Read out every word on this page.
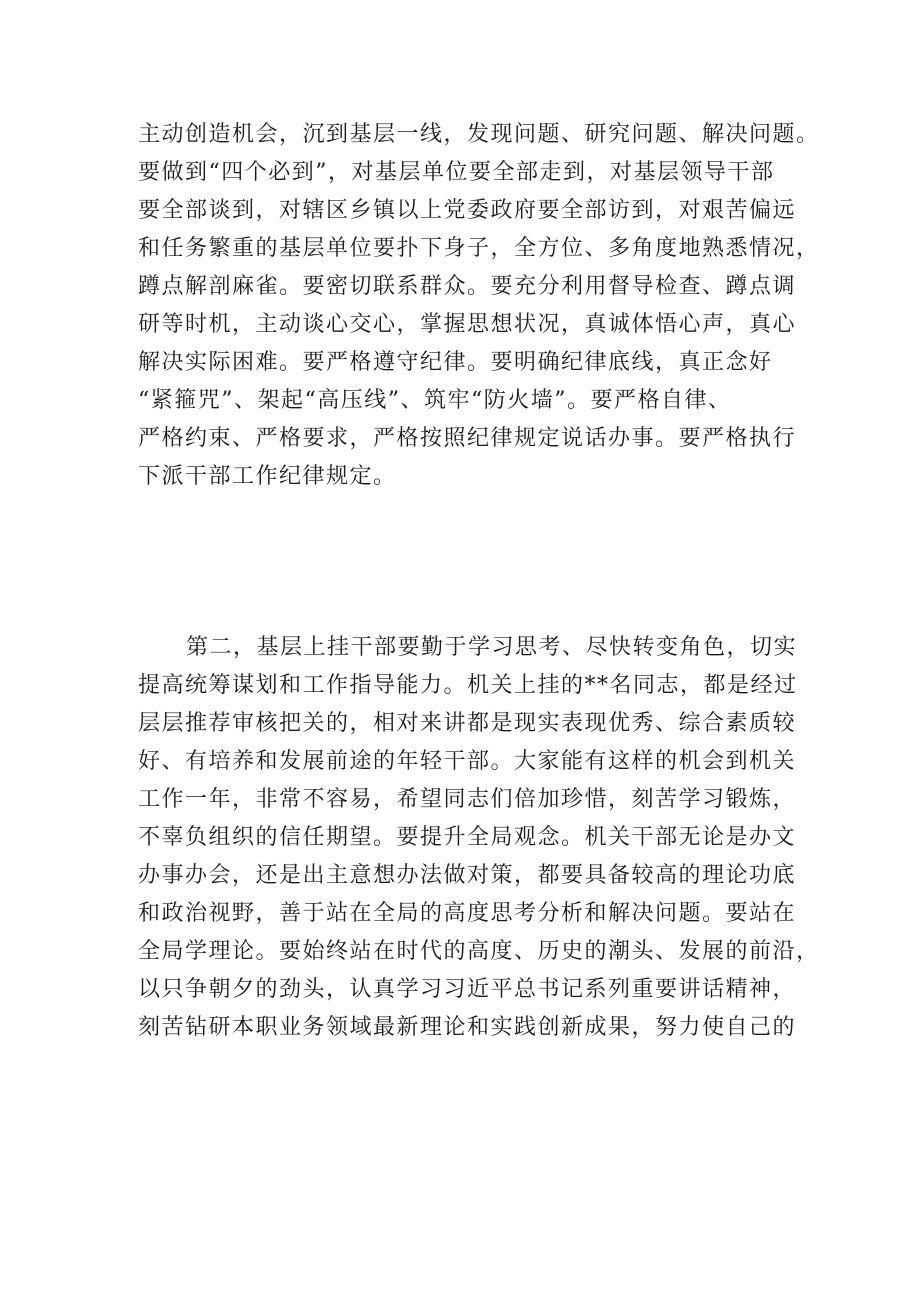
主动创造机会，沉到基层一线，发现问题、研究问题、解决问题。
要做到“四个必到”，对基层单位要全部走到，对基层领导干部
要全部谈到，对辖区乡镇以上党委政府要全部访到，对艰苦偏远
和任务繁重的基层单位要扑下身子，全方位、多角度地熟悉情况，
蹲点解剖麻雀。要密切联系群众。要充分利用督导检查、蹲点调
研等时机，主动谈心交心，掌握思想状况，真诚体悟心声，真心
解决实际困难。要严格遵守纪律。要明确纪律底线，真正念好
“紧箍咒”、架起“高压线”、筑牢“防火墙”。要严格自律、
严格约束、严格要求，严格按照纪律规定说话办事。要严格执行
下派干部工作纪律规定。
第二，基层上挂干部要勤于学习思考、尽快转变角色，切实
提高统筹谋划和工作指导能力。机关上挂的**名同志，都是经过
层层推荐审核把关的，相对来讲都是现实表现优秀、综合素质较
好、有培养和发展前途的年轻干部。大家能有这样的机会到机关
工作一年，非常不容易，希望同志们倍加珍惜，刻苦学习锻炼，
不辜负组织的信任期望。要提升全局观念。机关干部无论是办文
办事办会，还是出主意想办法做对策，都要具备较高的理论功底
和政治视野，善于站在全局的高度思考分析和解决问题。要站在
全局学理论。要始终站在时代的高度、历史的潮头、发展的前沿，
以只争朝夕的劲头，认真学习习近平总书记系列重要讲话精神，
刻苦钻研本职业务领域最新理论和实践创新成果，努力使自己的
